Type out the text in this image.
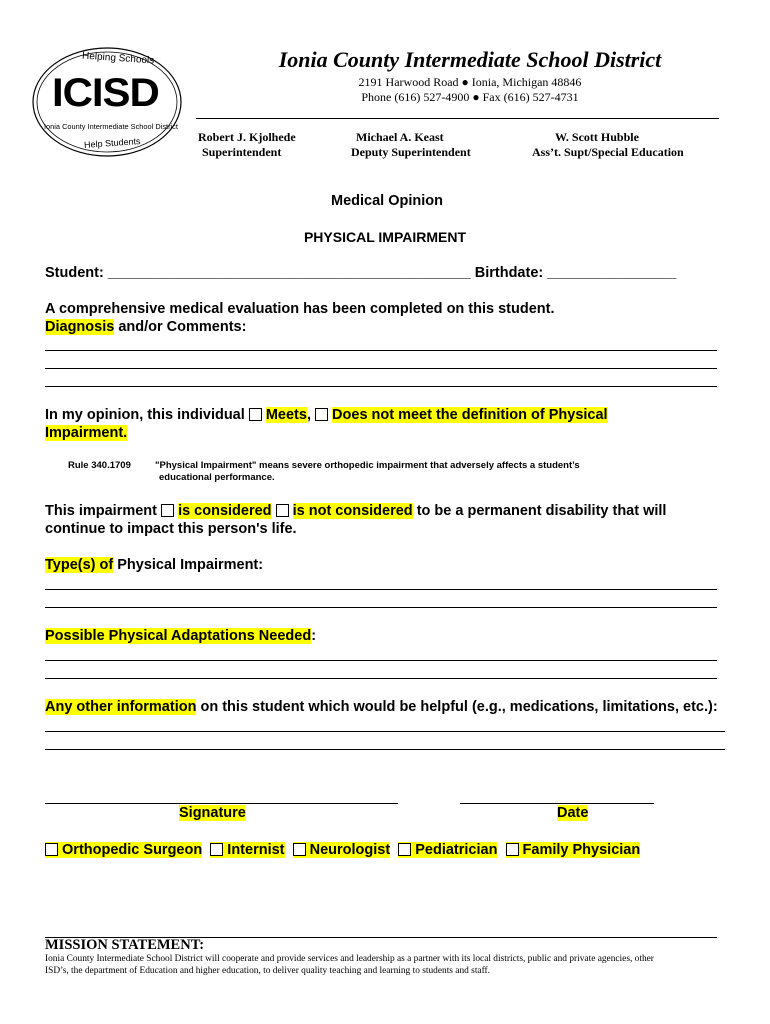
Helping Schools
ICISD
Ionia County Intermediate School District
Help Students
Ionia County Intermediate School District
2191 Harwood Road ● Ionia, Michigan 48846
Phone (616) 527-4900 ● Fax (616) 527-4731
Robert J. Kjolhede
Superintendent
Michael A. Keast
Deputy Superintendent
W. Scott Hubble
Ass’t. Supt/Special Education
Medical Opinion
PHYSICAL IMPAIRMENT
Student: _____________________________________________ Birthdate: ________________
A comprehensive medical evaluation has been completed on this student.
Diagnosis and/or Comments:
In my opinion, this individual  Meets,  Does not meet the definition of Physical
Impairment.
Rule 340.1709	"Physical Impairment" means severe orthopedic impairment that adversely affects a student’s
educational performance.
This impairment  is considered is not considered to be a permanent disability that will
continue to impact this person's life.
Type(s) of Physical Impairment:
Possible Physical Adaptations Needed:
Any other information on this student which would be helpful (e.g., medications, limitations, etc.):
Signature	Date
Orthopedic Surgeon Internist Neurologist Pediatrician Family Physician
MISSION STATEMENT:
Ionia County Intermediate School District will cooperate and provide services and leadership as a partner with its local districts, public and private agencies, other
ISD’s, the department of Education and higher education, to deliver quality teaching and learning to students and staff.
